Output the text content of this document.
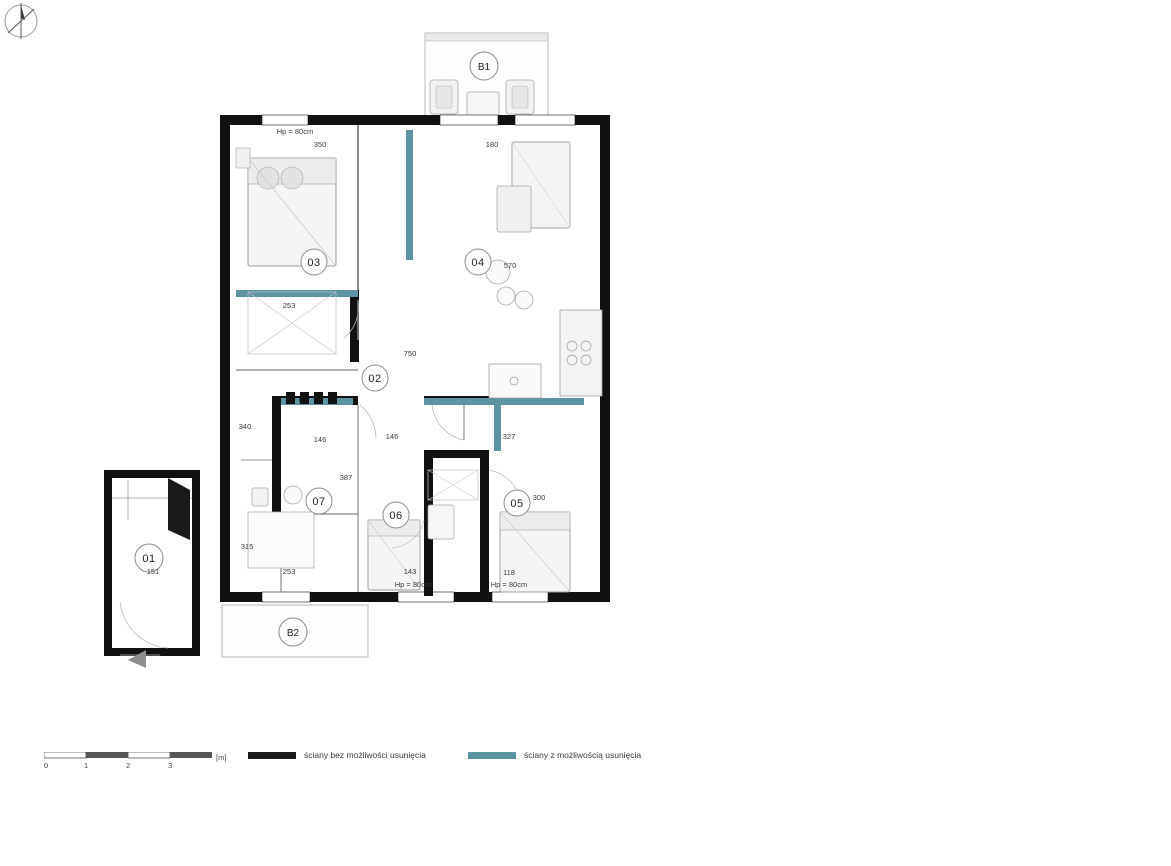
B1
B2
01
02
03	04
05
06
07
Hp = 80cm
350	180
253
750
570
340
146	146	327
387
300
253	143
151
Hp = 80cm	Hp = 80cm
118
315
0	1	2	3
[m]	ściany bez możliwości usunięcia	ściany z możliwością usunięcia
